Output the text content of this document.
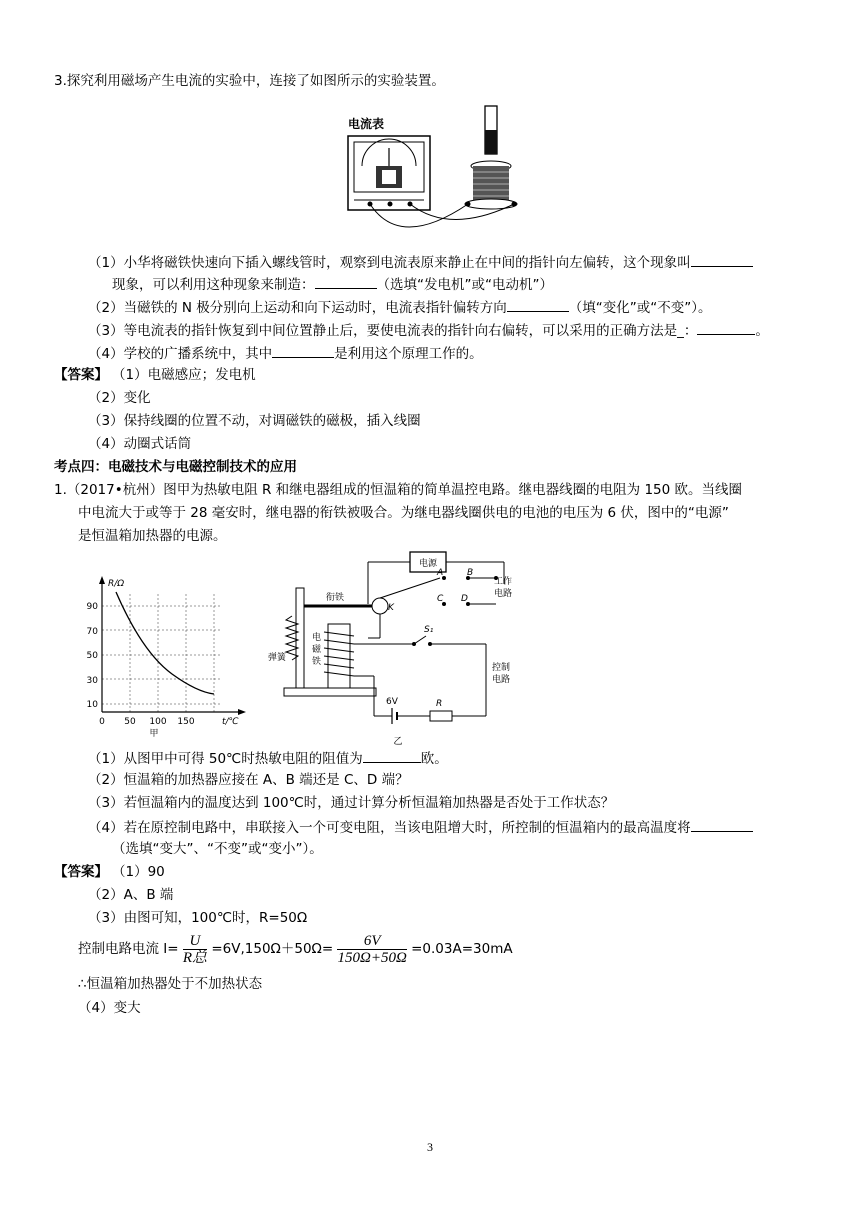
3.探究利用磁场产生电流的实验中，连接了如图所示的实验装置。
电流表
（1）小华将磁铁快速向下插入螺线管时，观察到电流表原来静止在中间的指针向左偏转，这个现象叫
现象，可以利用这种现象来制造：	（选填“发电机”或“电动机”）
（2）当磁铁的 N 极分别向上运动和向下运动时，电流表指针偏转方向	（填“变化”或“不变”）。
（3）等电流表的指针恢复到中间位置静止后，要使电流表的指针向右偏转，可以采用的正确方法是_：	。
（4）学校的广播系统中，其中	是利用这个原理工作的。
【答案】 （1）电磁感应；发电机
（2）变化
（3）保持线圈的位置不动，对调磁铁的磁极，插入线圈
（4）动圈式话筒
考点四：电磁技术与电磁控制技术的应用
1.（2017•杭州）图甲为热敏电阻 R 和继电器组成的恒温箱的简单温控电路。继电器线圈的电阻为 150 欧。当线圈
中电流大于或等于 28 毫安时，继电器的衔铁被吸合。为继电器线圈供电的电池的电压为 6 伏，图中的“电源”
是恒温箱加热器的电源。
R/Ω
t/℃
90
70
50
30
10
0 50 100 150
甲
电源
A	B
工作
电路
C D
衔铁
K
弹簧
电
磁
铁
S₁
控制
电路
6V	R
乙
（1）从图甲中可得 50℃时热敏电阻的阻值为	欧。
（2）恒温箱的加热器应接在 A、B 端还是 C、D 端？
（3）若恒温箱内的温度达到 100℃时，通过计算分析恒温箱加热器是否处于工作状态？
（4）若在原控制电路中，串联接入一个可变电阻，当该电阻增大时，所控制的恒温箱内的最高温度将
（选填“变大”、“不变”或“变小”）。
【答案】 （1）90
（2）A、B 端
（3）由图可知，100℃时，R=50Ω
控制电路电流 $I= \frac{U}{\text{R总}} =6V,150\Omega+50\Omega= \frac{6V}{150\Omega+50\Omega} =0.03A=30mA$
∴恒温箱加热器处于不加热状态
（4）变大
3
